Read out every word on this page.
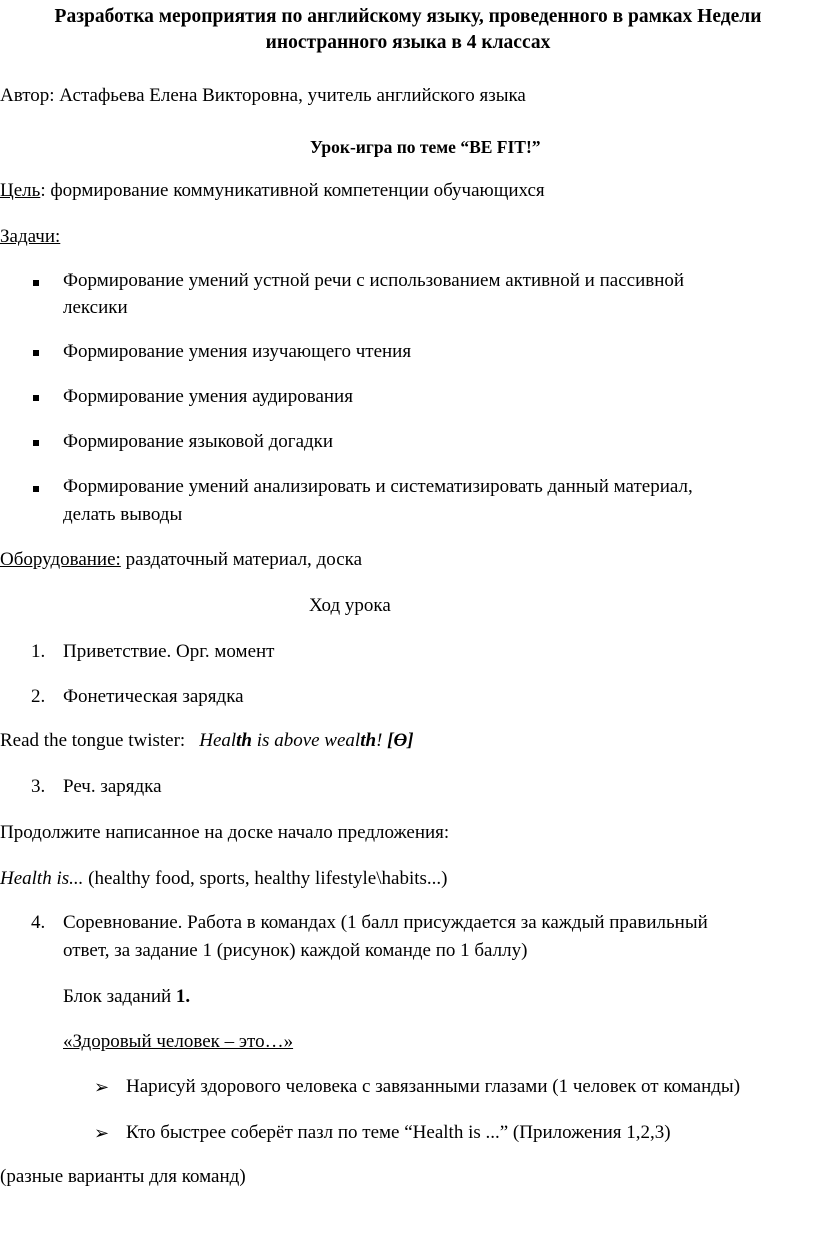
Разработка мероприятия по английскому языку, проведенного в рамках Недели
иностранного языка в 4 классах
Автор: Астафьева Елена Викторовна, учитель английского языка
Урок-игра по теме “BE FIT!”
Цель: формирование коммуникативной компетенции обучающихся
Задачи:
Формирование умений устной речи с использованием активной и пассивной
лексики
Формирование умения изучающего чтения
Формирование умения аудирования
Формирование языковой догадки
Формирование умений анализировать и систематизировать данный материал,
делать выводы
Оборудование: раздаточный материал, доска
Ход урока
1. Приветствие. Орг. момент
2. Фонетическая зарядка
Read the tongue twister: Health is above wealth! [Ө]
3. Реч. зарядка
Продолжите написанное на доске начало предложения:
Health is... (healthy food, sports, healthy lifestyle\habits...)
4. Соревнование. Работа в командах (1 балл присуждается за каждый правильный
ответ, за задание 1 (рисунок) каждой команде по 1 баллу)
Блок заданий 1.
«Здоровый человек – это…»
➢ Нарисуй здорового человека с завязанными глазами (1 человек от команды)
➢ Кто быстрее соберёт пазл по теме “Health is ...” (Приложения 1,2,3)
(разные варианты для команд)
